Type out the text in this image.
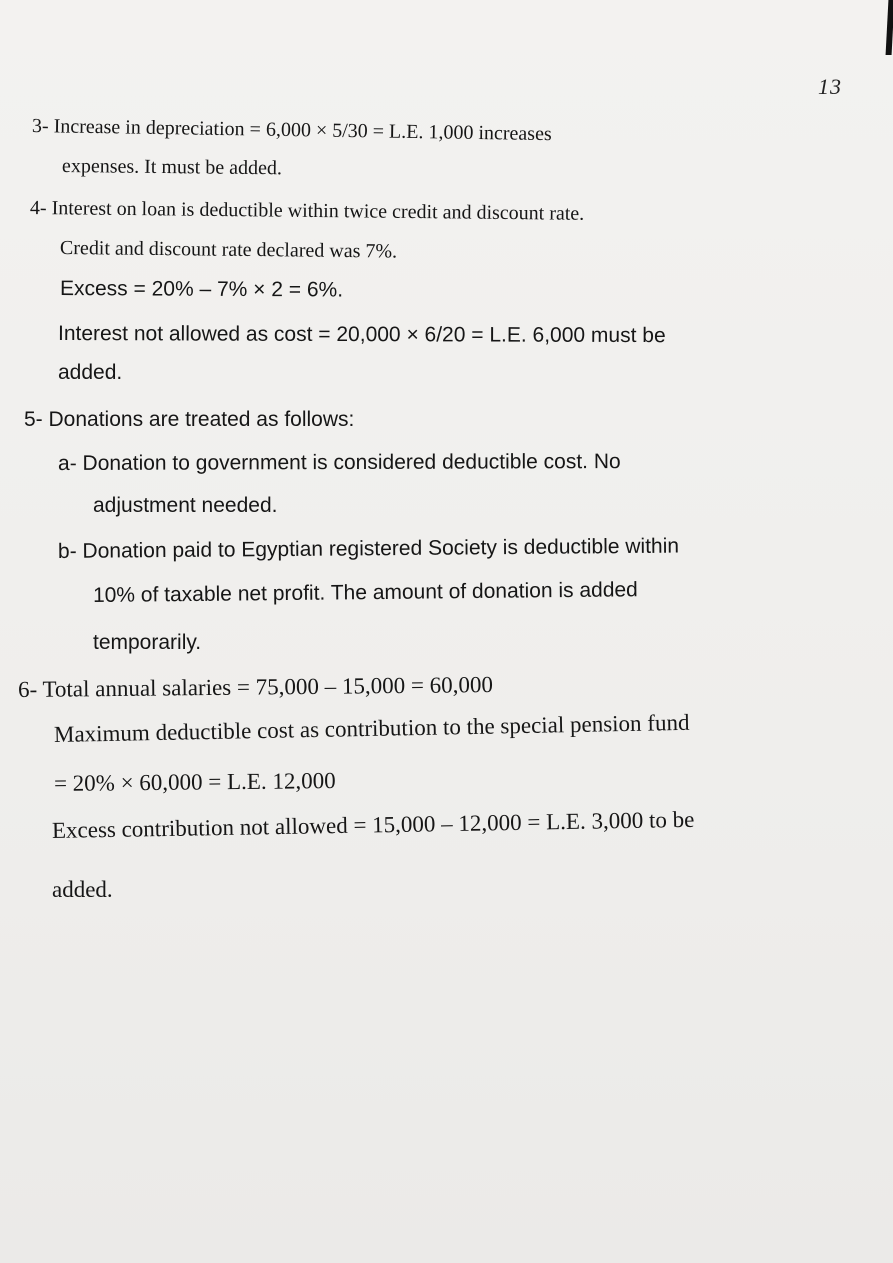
13
3- Increase in depreciation = 6,000 × 5/30 = L.E. 1,000 increases
expenses. It must be added.
4- Interest on loan is deductible within twice credit and discount rate.
Credit and discount rate declared was 7%.
Excess = 20% – 7% × 2 = 6%.
Interest not allowed as cost = 20,000 × 6/20 = L.E. 6,000 must be
added.
5- Donations are treated as follows:
a- Donation to government is considered deductible cost. No
adjustment needed.
b- Donation paid to Egyptian registered Society is deductible within
10% of taxable net profit. The amount of donation is added
temporarily.
6- Total annual salaries = 75,000 – 15,000 = 60,000
Maximum deductible cost as contribution to the special pension fund
= 20% × 60,000 = L.E. 12,000
Excess contribution not allowed = 15,000 – 12,000 = L.E. 3,000 to be
added.
